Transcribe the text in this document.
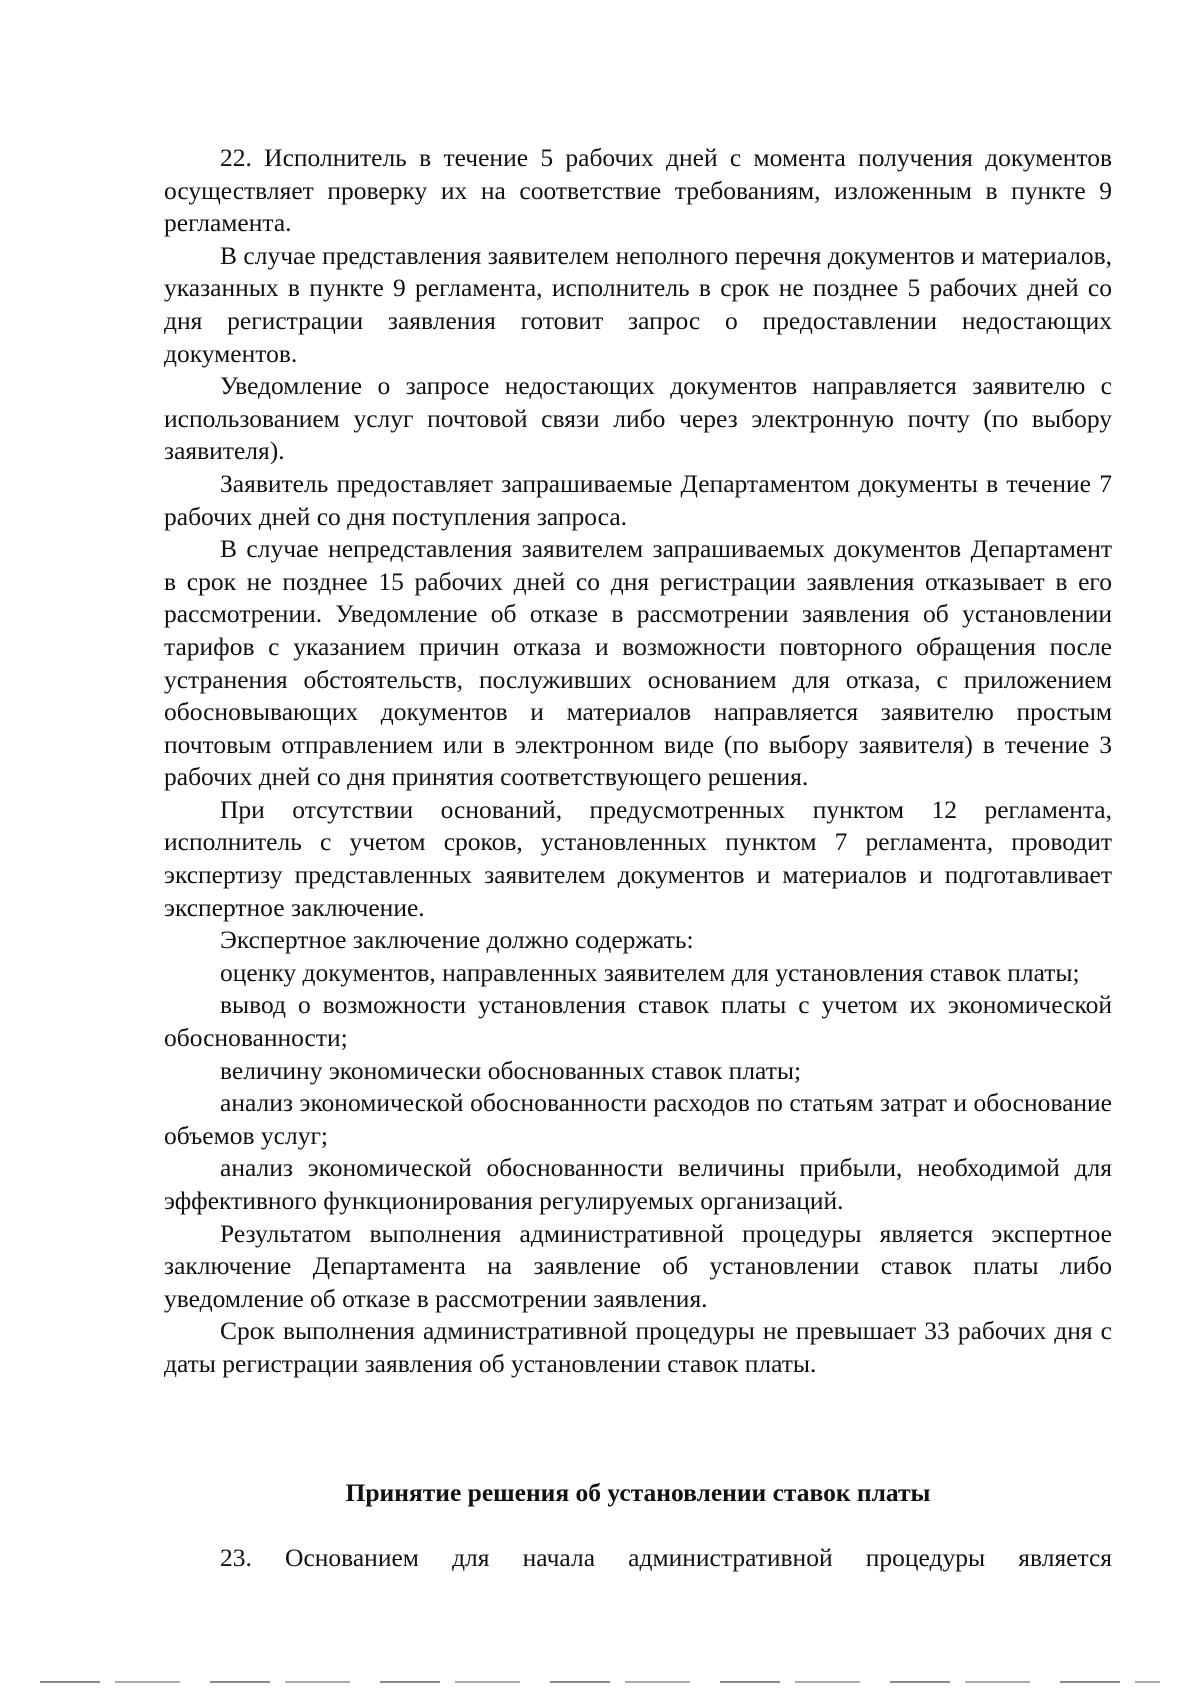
22. Исполнитель в течение 5 рабочих дней с момента получения документов осуществляет проверку их на соответствие требованиям, изложенным в пункте 9 регламента.

В случае представления заявителем неполного перечня документов и материалов, указанных в пункте 9 регламента, исполнитель в срок не позднее 5 рабочих дней со дня регистрации заявления готовит запрос о предоставлении недостающих документов.

Уведомление о запросе недостающих документов направляется заявителю с использованием услуг почтовой связи либо через электронную почту (по выбору заявителя).

Заявитель предоставляет запрашиваемые Департаментом документы в течение 7 рабочих дней со дня поступления запроса.

В случае непредставления заявителем запрашиваемых документов Департамент в срок не позднее 15 рабочих дней со дня регистрации заявления отказывает в его рассмотрении. Уведомление об отказе в рассмотрении заявления об установлении тарифов с указанием причин отказа и возможности повторного обращения после устранения обстоятельств, послуживших основанием для отказа, с приложением обосновывающих документов и материалов направляется заявителю простым почтовым отправлением или в электронном виде (по выбору заявителя) в течение 3 рабочих дней со дня принятия соответствующего решения.

При отсутствии оснований, предусмотренных пунктом 12 регламента, исполнитель с учетом сроков, установленных пунктом 7 регламента, проводит экспертизу представленных заявителем документов и материалов и подготавливает экспертное заключение.

Экспертное заключение должно содержать:

оценку документов, направленных заявителем для установления ставок платы;

вывод о возможности установления ставок платы с учетом их экономической обоснованности;

величину экономически обоснованных ставок платы;

анализ экономической обоснованности расходов по статьям затрат и обоснование объемов услуг;

анализ экономической обоснованности величины прибыли, необходимой для эффективного функционирования регулируемых организаций.

Результатом выполнения административной процедуры является экспертное заключение Департамента на заявление об установлении ставок платы либо уведомление об отказе в рассмотрении заявления.

Срок выполнения административной процедуры не превышает 33 рабочих дня с даты регистрации заявления об установлении ставок платы.

Принятие решения об установлении ставок платы

23. Основанием для начала административной процедуры является
